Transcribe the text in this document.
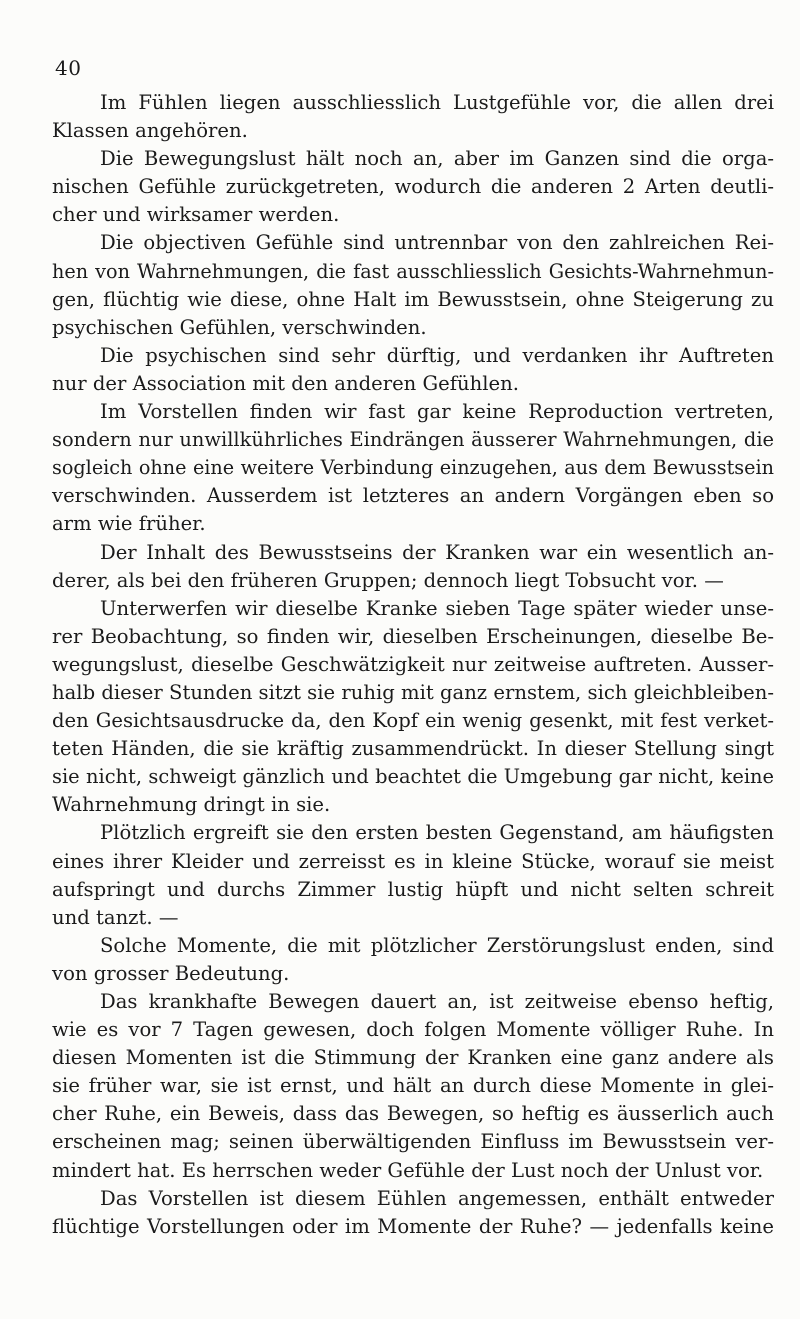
40
Im Fühlen liegen ausschliesslich Lustgefühle vor, die allen drei
Klassen angehören.
Die Bewegungslust hält noch an, aber im Ganzen sind die orga-
nischen Gefühle zurückgetreten, wodurch die anderen 2 Arten deutli-
cher und wirksamer werden.
Die objectiven Gefühle sind untrennbar von den zahlreichen Rei-
hen von Wahrnehmungen, die fast ausschliesslich Gesichts-Wahrnehmun-
gen, flüchtig wie diese, ohne Halt im Bewusstsein, ohne Steigerung zu
psychischen Gefühlen, verschwinden.
Die psychischen sind sehr dürftig, und verdanken ihr Auftreten
nur der Association mit den anderen Gefühlen.
Im Vorstellen finden wir fast gar keine Reproduction vertreten,
sondern nur unwillkührliches Eindrängen äusserer Wahrnehmungen, die
sogleich ohne eine weitere Verbindung einzugehen, aus dem Bewusstsein
verschwinden. Ausserdem ist letzteres an andern Vorgängen eben so
arm wie früher.
Der Inhalt des Bewusstseins der Kranken war ein wesentlich an-
derer, als bei den früheren Gruppen; dennoch liegt Tobsucht vor. —
Unterwerfen wir dieselbe Kranke sieben Tage später wieder unse-
rer Beobachtung, so finden wir, dieselben Erscheinungen, dieselbe Be-
wegungslust, dieselbe Geschwätzigkeit nur zeitweise auftreten. Ausser-
halb dieser Stunden sitzt sie ruhig mit ganz ernstem, sich gleichbleiben-
den Gesichtsausdrucke da, den Kopf ein wenig gesenkt, mit fest verket-
teten Händen, die sie kräftig zusammendrückt. In dieser Stellung singt
sie nicht, schweigt gänzlich und beachtet die Umgebung gar nicht, keine
Wahrnehmung dringt in sie.
Plötzlich ergreift sie den ersten besten Gegenstand, am häufigsten
eines ihrer Kleider und zerreisst es in kleine Stücke, worauf sie meist
aufspringt und durchs Zimmer lustig hüpft und nicht selten schreit
und tanzt. —
Solche Momente, die mit plötzlicher Zerstörungslust enden, sind
von grosser Bedeutung.
Das krankhafte Bewegen dauert an, ist zeitweise ebenso heftig,
wie es vor 7 Tagen gewesen, doch folgen Momente völliger Ruhe. In
diesen Momenten ist die Stimmung der Kranken eine ganz andere als
sie früher war, sie ist ernst, und hält an durch diese Momente in glei-
cher Ruhe, ein Beweis, dass das Bewegen, so heftig es äusserlich auch
erscheinen mag; seinen überwältigenden Einfluss im Bewusstsein ver-
mindert hat. Es herrschen weder Gefühle der Lust noch der Unlust vor.
Das Vorstellen ist diesem Eühlen angemessen, enthält entweder
flüchtige Vorstellungen oder im Momente der Ruhe? — jedenfalls keine
